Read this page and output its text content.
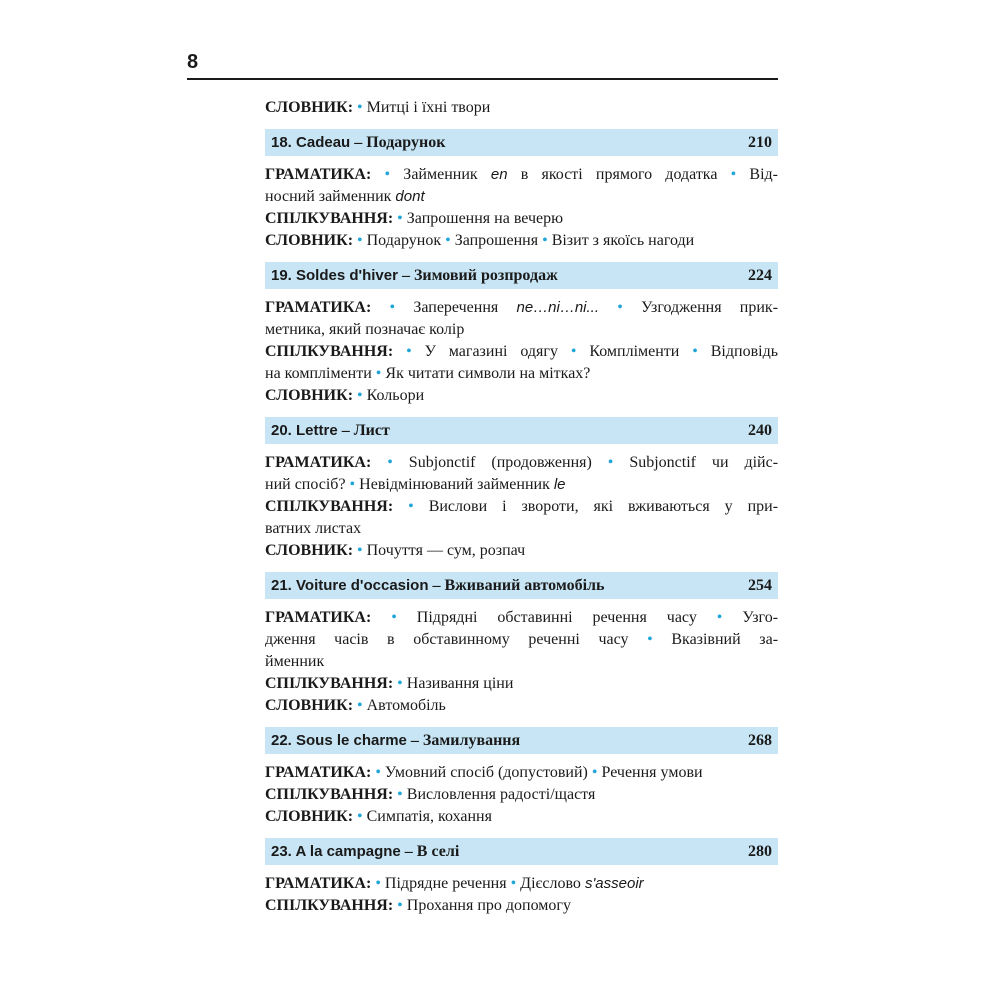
8
СЛОВНИК: • Митці і їхні твори
18. Cadeau – Подарунок	210
ГРАМАТИКА: • Займенник en в якості прямого додатка • Від-
носний займенник dont
СПІЛКУВАННЯ: • Запрошення на вечерю
СЛОВНИК: • Подарунок • Запрошення • Візит з якоїсь нагоди
19. Soldes d'hiver – Зимовий розпродаж	224
ГРАМАТИКА: • Заперечення ne…ni…ni... • Узгодження прик-
метника, який позначає колір
СПІЛКУВАННЯ: • У магазині одягу • Компліменти • Відповідь
на компліменти • Як читати символи на мітках?
СЛОВНИК: • Кольори
20. Lettre – Лист	240
ГРАМАТИКА: • Subjonctif (продовження) • Subjonctif чи дійс-
ний спосіб? • Невідмінюваний займенник le
СПІЛКУВАННЯ: • Вислови і звороти, які вживаються у при-
ватних листах
СЛОВНИК: • Почуття — сум, розпач
21. Voiture d'occasion – Вживаний автомобіль	254
ГРАМАТИКА: • Підрядні обставинні речення часу • Узго-
дження часів в обставинному реченні часу • Вказівний за-
йменник
СПІЛКУВАННЯ: • Називання ціни
СЛОВНИК: • Автомобіль
22. Sous le charme – Замилування	268
ГРАМАТИКА: • Умовний спосіб (допустовий) • Речення умови
СПІЛКУВАННЯ: • Висловлення радості/щастя
СЛОВНИК: • Симпатія, кохання
23. A la campagne – В селі	280
ГРАМАТИКА: • Підрядне речення • Дієслово s'asseoir
СПІЛКУВАННЯ: • Прохання про допомогу
